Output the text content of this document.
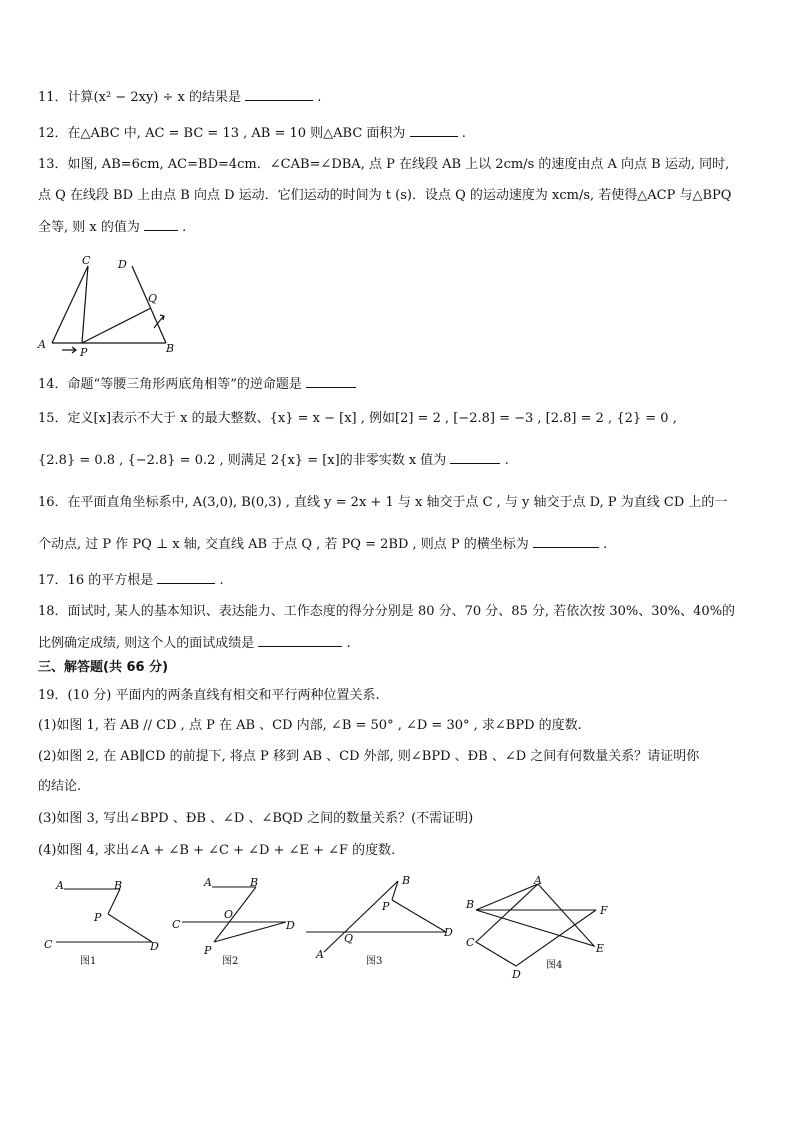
11．计算(x² − 2xy) ÷ x 的结果是	.
12．在△ABC 中, AC = BC = 13 , AB = 10 则△ABC 面积为	.
13．如图, AB=6cm, AC=BD=4cm．∠CAB=∠DBA, 点 P 在线段 AB 上以 2cm/s 的速度由点 A 向点 B 运动, 同时,
点 Q 在线段 BD 上由点 B 向点 D 运动．它们运动的时间为 t (s)．设点 Q 的运动速度为 xcm/s, 若使得△ACP 与△BPQ
全等, 则 x 的值为	.
C	D
Q
A
P	B
14．命题“等腰三角形两底角相等”的逆命题是
15．定义[x]表示不大于 x 的最大整数、{x} = x − [x] , 例如[2] = 2 , [−2.8] = −3 , [2.8] = 2 , {2} = 0 ,
{2.8} = 0.8 , {−2.8} = 0.2 , 则满足 2{x} = [x]的非零实数 x 值为	.
16．在平面直角坐标系中, A(3,0), B(0,3) , 直线 y = 2x + 1 与 x 轴交于点 C , 与 y 轴交于点 D, P 为直线 CD 上的一
个动点, 过 P 作 PQ ⊥ x 轴, 交直线 AB 于点 Q , 若 PQ = 2BD , 则点 P 的横坐标为	.
17．16 的平方根是	.
18．面试时, 某人的基本知识、表达能力、工作态度的得分分别是 80 分、70 分、85 分, 若依次按 30%、30%、40%的
比例确定成绩, 则这个人的面试成绩是	.
三、解答题(共 66 分)
19．(10 分) 平面内的两条直线有相交和平行两种位置关系.
(1)如图 1, 若 AB // CD , 点 P 在 AB 、CD 内部, ∠B = 50° , ∠D = 30° , 求∠BPD 的度数.
(2)如图 2, 在 AB∥CD 的前提下, 将点 P 移到 AB 、CD 外部, 则∠BPD 、ÐB 、∠D 之间有何数量关系？请证明你
的结论.
(3)如图 3, 写出∠BPD 、ÐB 、∠D 、∠BQD 之间的数量关系？(不需证明)
(4)如图 4, 求出∠A + ∠B + ∠C + ∠D + ∠E + ∠F 的度数.
A	B
P
C	D
图1
A	B
O
C	D
P
图2
B
P
Q	D
A
图3
A
B	F
C	E
D
图4
